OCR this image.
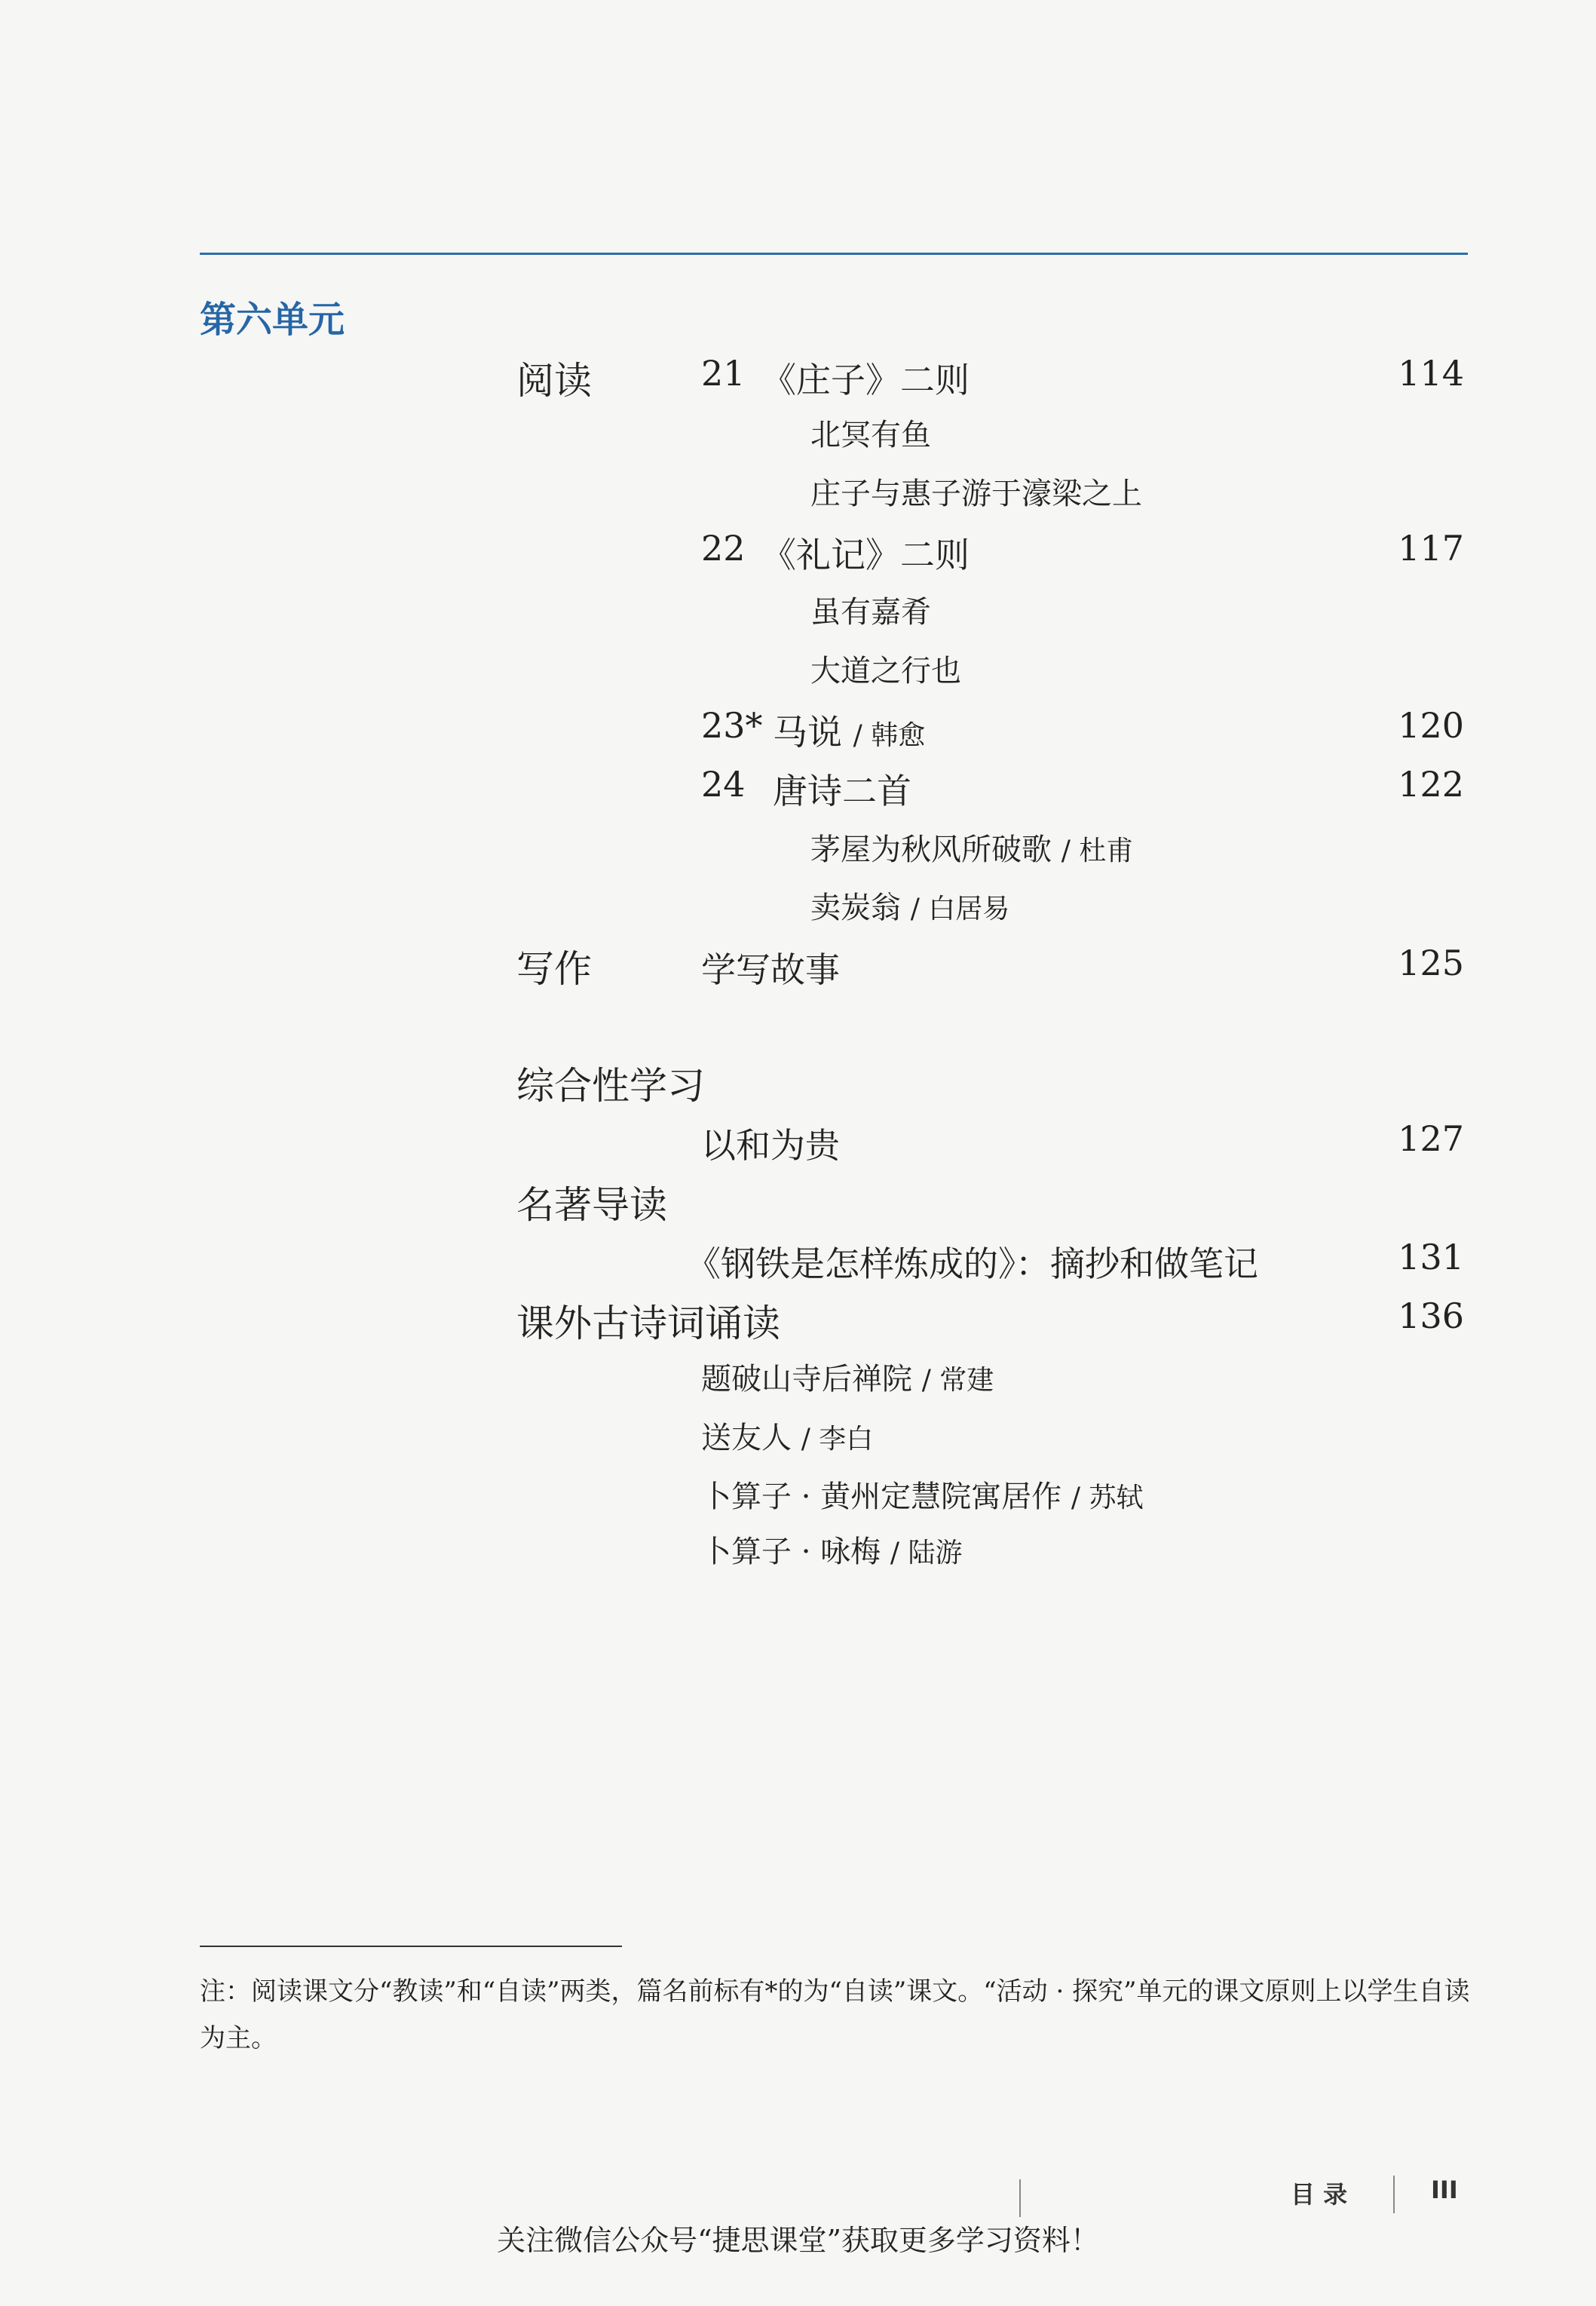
第六单元
阅读	21 《庄子》二则	114
北冥有鱼
庄子与惠子游于濠梁之上
22 《礼记》二则	117
虽有嘉肴
大道之行也
23* 马说 / 韩愈	120
24 唐诗二首	122
茅屋为秋风所破歌 / 杜甫
卖炭翁 / 白居易
写作	学写故事	125
综合性学习
以和为贵	127
名著导读
《钢铁是怎样炼成的》：摘抄和做笔记	131
课外古诗词诵读	136
题破山寺后禅院 / 常建
送友人 / 李白
卜算子 · 黄州定慧院寓居作 / 苏轼
卜算子 · 咏梅 / 陆游
注：阅读课文分“教读”和“自读”两类，篇名前标有*的为“自读”课文。“活动 · 探究”单元的课文原则上以学生自读为主。
目 录	III
关注微信公众号“捷思课堂”获取更多学习资料！
